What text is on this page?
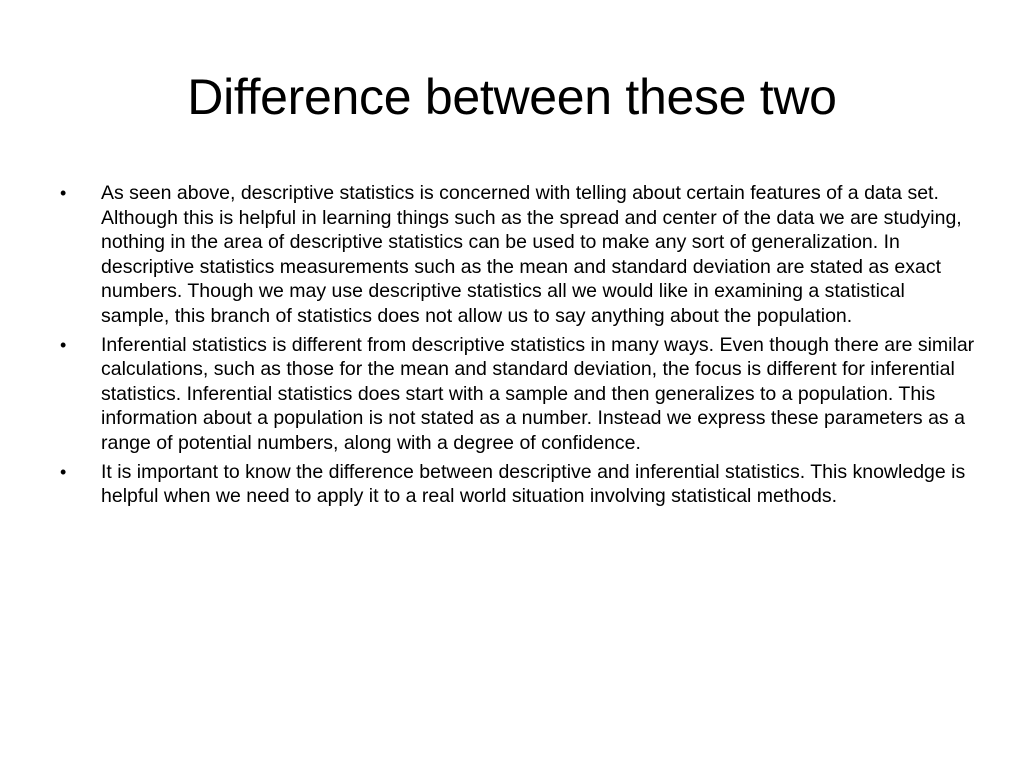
Difference between these two
• As seen above, descriptive statistics is concerned with telling about certain features of a data set. Although this is helpful in learning things such as the spread and center of the data we are studying, nothing in the area of descriptive statistics can be used to make any sort of generalization. In descriptive statistics measurements such as the mean and standard deviation are stated as exact numbers. Though we may use descriptive statistics all we would like in examining a statistical sample, this branch of statistics does not allow us to say anything about the population.
• Inferential statistics is different from descriptive statistics in many ways. Even though there are similar calculations, such as those for the mean and standard deviation, the focus is different for inferential statistics. Inferential statistics does start with a sample and then generalizes to a population. This information about a population is not stated as a number. Instead we express these parameters as a range of potential numbers, along with a degree of confidence.
• It is important to know the difference between descriptive and inferential statistics. This knowledge is helpful when we need to apply it to a real world situation involving statistical methods.
